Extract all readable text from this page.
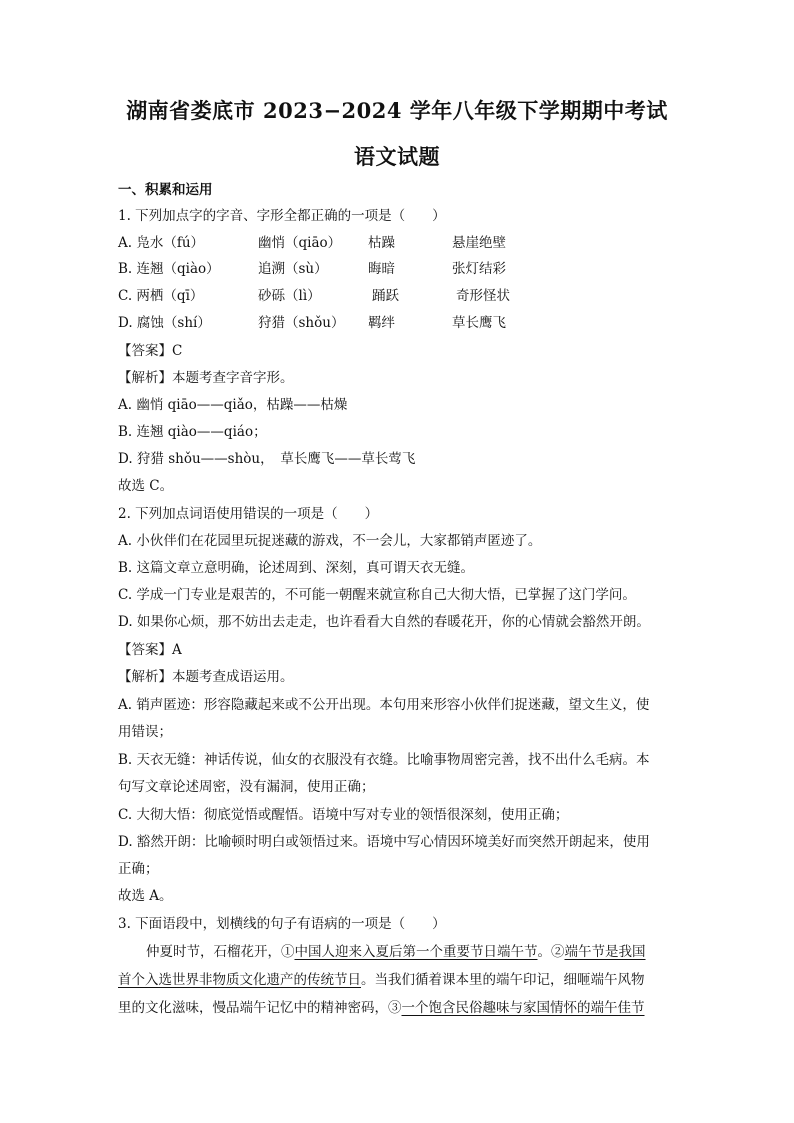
湖南省娄底市 2023−2024 学年八年级下学期期中考试
语文试题
一、积累和运用
1. 下列加点字的字音、字形全都正确的一项是（　　）
A. 凫水（fú）	幽悄（qiāo） 枯躁	悬崖绝壁
B. 连翘（qiào）	追溯（sù）	晦暗	张灯结彩
C. 两栖（qī）	砂砾（lì）	踊跃	奇形怪状
D. 腐蚀（shí）	狩猎（shǒu） 羁绊	草长鹰飞
【答案】C
【解析】本题考查字音字形。
A. 幽悄 qiāo——qiǎo，枯躁——枯燥
B. 连翘 qiào——qiáo；
D. 狩猎 shǒu——shòu，　草长鹰飞——草长莺飞
故选 C。
2. 下列加点词语使用错误的一项是（　　）
A. 小伙伴们在花园里玩捉迷藏的游戏，不一会儿，大家都销声匿迹了。
B. 这篇文章立意明确，论述周到、深刻，真可谓天衣无缝。
C. 学成一门专业是艰苦的，不可能一朝醒来就宣称自己大彻大悟，已掌握了这门学问。
D. 如果你心烦，那不妨出去走走，也许看看大自然的春暖花开，你的心情就会豁然开朗。
【答案】A
【解析】本题考查成语运用。
A. 销声匿迹：形容隐藏起来或不公开出现。本句用来形容小伙伴们捉迷藏，望文生义，使
用错误；
B. 天衣无缝：神话传说，仙女的衣服没有衣缝。比喻事物周密完善，找不出什么毛病。本
句写文章论述周密，没有漏洞，使用正确；
C. 大彻大悟：彻底觉悟或醒悟。语境中写对专业的领悟很深刻，使用正确；
D. 豁然开朗：比喻顿时明白或领悟过来。语境中写心情因环境美好而突然开朗起来，使用
正确；
故选 A。
3. 下面语段中，划横线的句子有语病的一项是（　　）
仲夏时节，石榴花开，①中国人迎来入夏后第一个重要节日端午节。②端午节是我国
首个入选世界非物质文化遗产的传统节日。当我们循着课本里的端午印记，细咂端午风物
里的文化滋味，慢品端午记忆中的精神密码，③一个饱含民俗趣味与家国情怀的端午佳节
